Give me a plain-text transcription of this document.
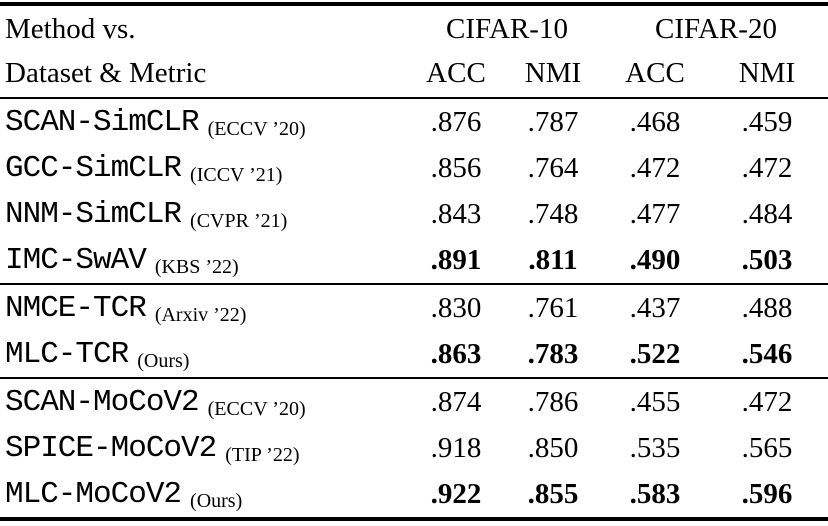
Method vs.	CIFAR-10	CIFAR-20
Dataset & Metric	ACC	NMI	ACC	NMI
SCAN-SimCLR (ECCV ’20)	.876	.787	.468	.459
GCC-SimCLR (ICCV ’21)	.856	.764	.472	.472
NNM-SimCLR (CVPR ’21)	.843	.748	.477	.484
IMC-SwAV (KBS ’22)	.891	.811	.490	.503
NMCE-TCR (Arxiv ’22)	.830	.761	.437	.488
MLC-TCR (Ours)	.863	.783	.522	.546
SCAN-MoCoV2 (ECCV ’20)	.874	.786	.455	.472
SPICE-MoCoV2 (TIP ’22)	.918	.850	.535	.565
MLC-MoCoV2 (Ours)	.922	.855	.583	.596
